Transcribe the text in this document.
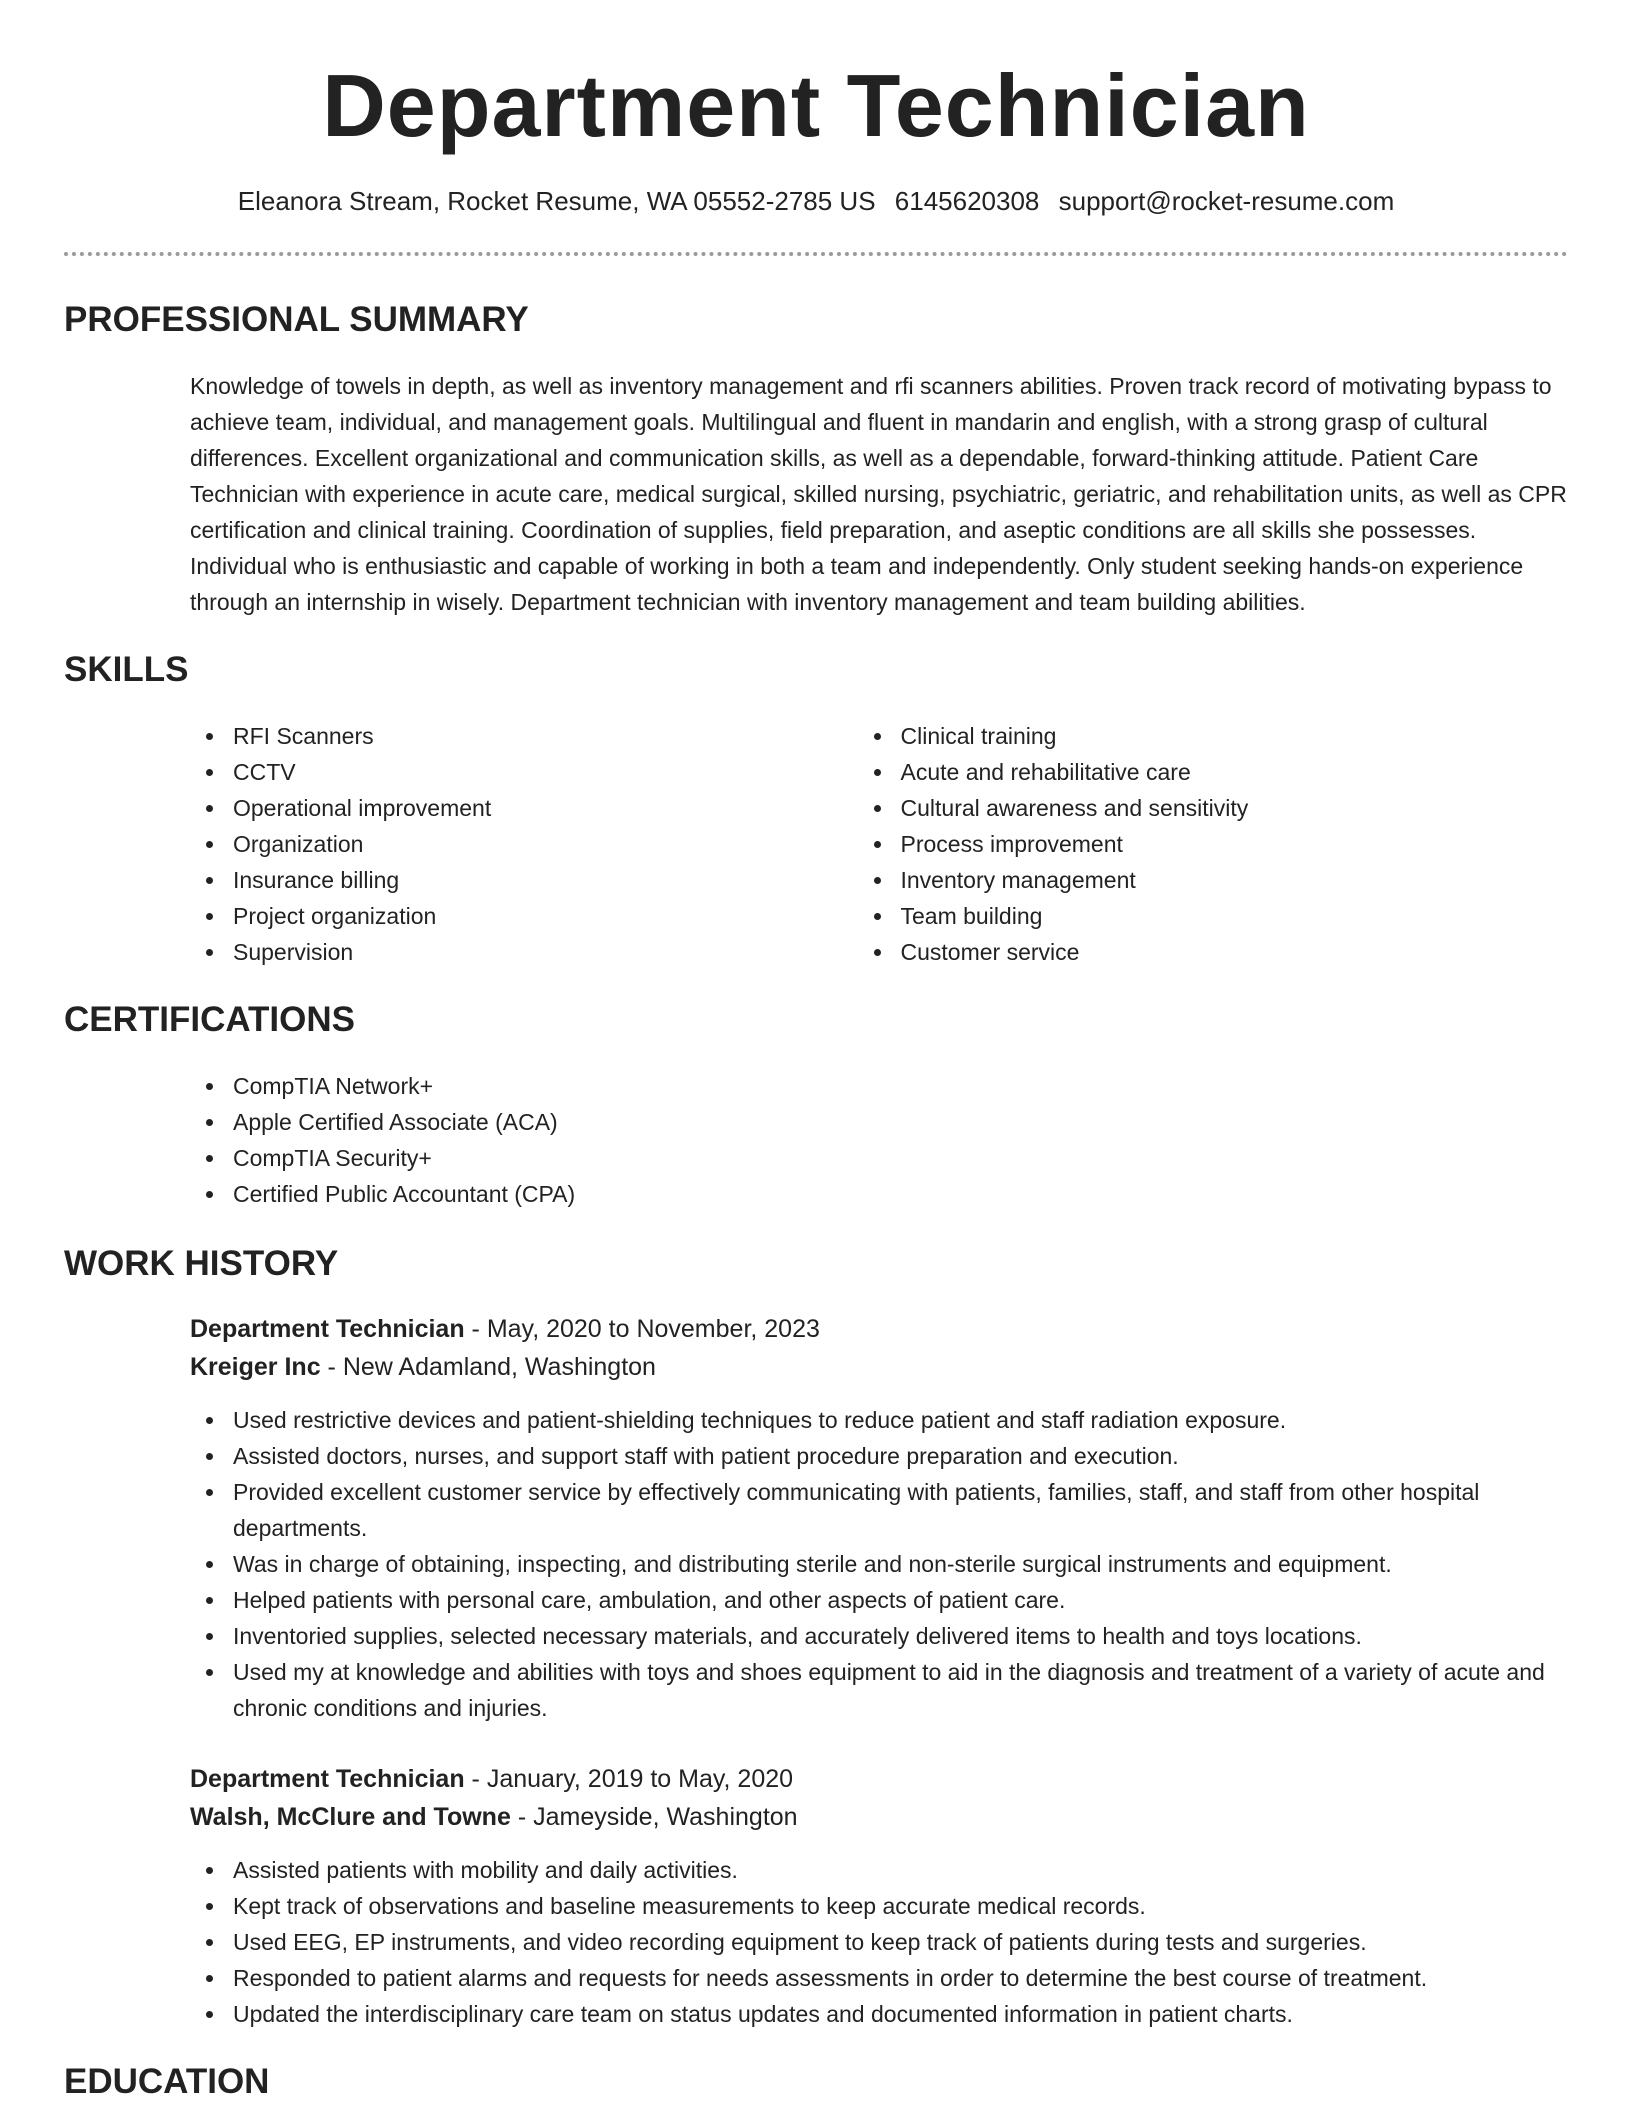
Department Technician
Eleanora Stream, Rocket Resume, WA 05552-2785 US 6145620308 support@rocket-resume.com
PROFESSIONAL SUMMARY

Knowledge of towels in depth, as well as inventory management and rfi scanners abilities. Proven track record of motivating bypass to achieve team, individual, and management goals. Multilingual and fluent in mandarin and english, with a strong grasp of cultural differences. Excellent organizational and communication skills, as well as a dependable, forward-thinking attitude. Patient Care Technician with experience in acute care, medical surgical, skilled nursing, psychiatric, geriatric, and rehabilitation units, as well as CPR certification and clinical training. Coordination of supplies, field preparation, and aseptic conditions are all skills she possesses. Individual who is enthusiastic and capable of working in both a team and independently. Only student seeking hands-on experience through an internship in wisely. Department technician with inventory management and team building abilities.

SKILLS
RFI Scanners
CCTV
Operational improvement
Organization
Insurance billing
Project organization
Supervision
Clinical training
Acute and rehabilitative care
Cultural awareness and sensitivity
Process improvement
Inventory management
Team building
Customer service
CERTIFICATIONS
CompTIA Network+
Apple Certified Associate (ACA)
CompTIA Security+
Certified Public Accountant (CPA)
WORK HISTORY
Department Technician - May, 2020 to November, 2023
Kreiger Inc - New Adamland, Washington
Used restrictive devices and patient-shielding techniques to reduce patient and staff radiation exposure.
Assisted doctors, nurses, and support staff with patient procedure preparation and execution.
Provided excellent customer service by effectively communicating with patients, families, staff, and staff from other hospital departments.
Was in charge of obtaining, inspecting, and distributing sterile and non-sterile surgical instruments and equipment.
Helped patients with personal care, ambulation, and other aspects of patient care.
Inventoried supplies, selected necessary materials, and accurately delivered items to health and toys locations.
Used my at knowledge and abilities with toys and shoes equipment to aid in the diagnosis and treatment of a variety of acute and chronic conditions and injuries.
Department Technician - January, 2019 to May, 2020
Walsh, McClure and Towne - Jameyside, Washington
Assisted patients with mobility and daily activities.
Kept track of observations and baseline measurements to keep accurate medical records.
Used EEG, EP instruments, and video recording equipment to keep track of patients during tests and surgeries.
Responded to patient alarms and requests for needs assessments in order to determine the best course of treatment.
Updated the interdisciplinary care team on status updates and documented information in patient charts.
EDUCATION
